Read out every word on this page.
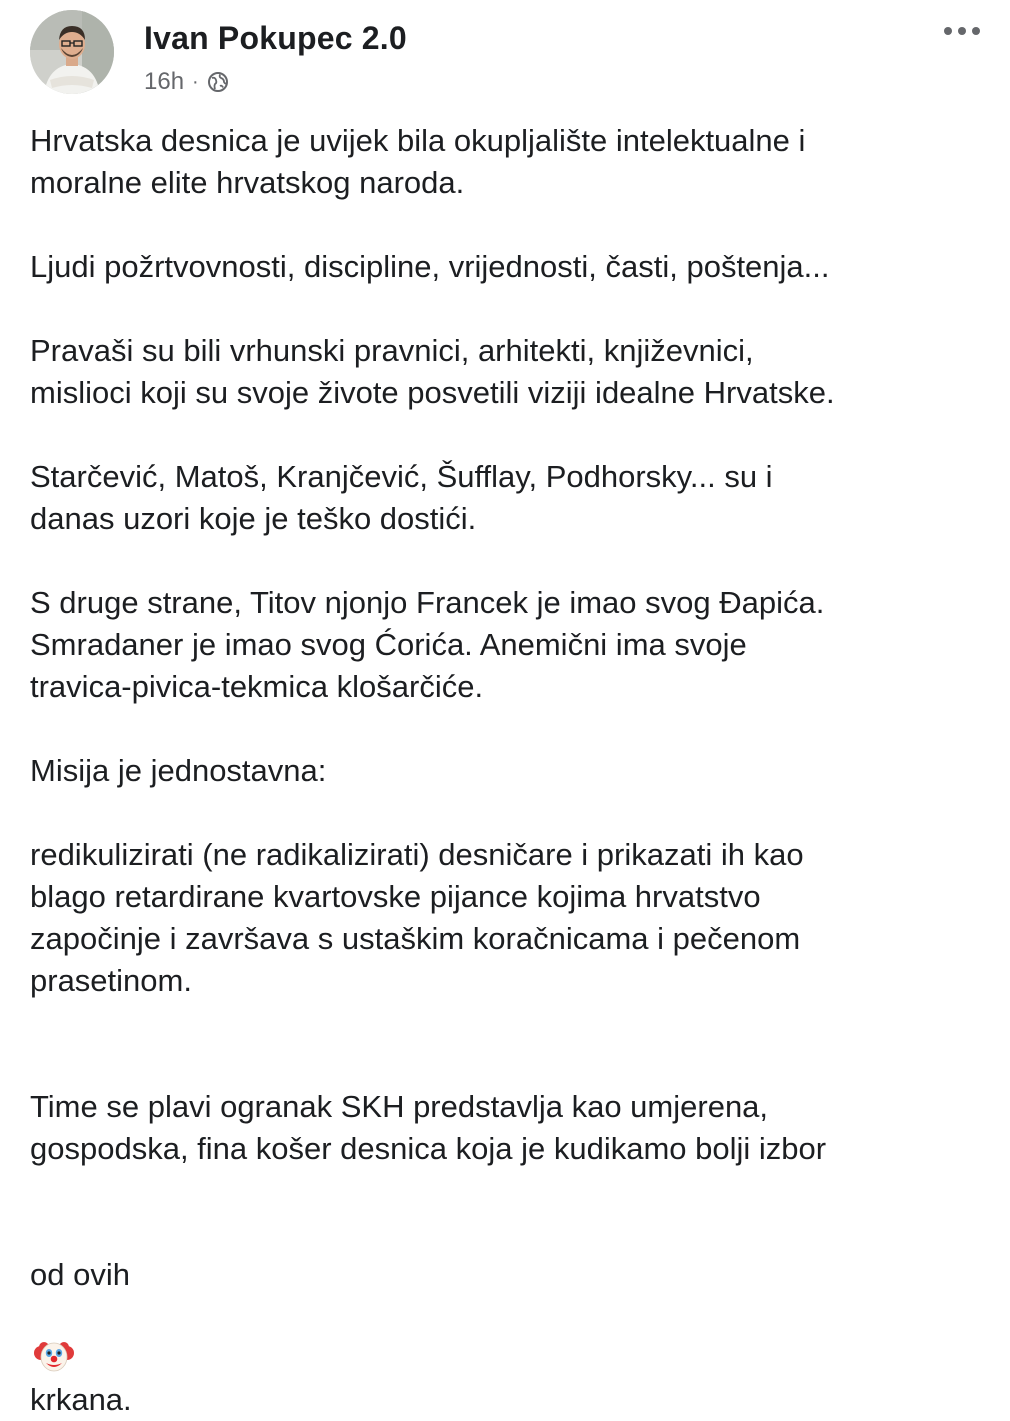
Ivan Pokupec 2.0
16h ·

Hrvatska desnica je uvijek bila okupljalište intelektualne i
moralne elite hrvatskog naroda.

Ljudi požrtvovnosti, discipline, vrijednosti, časti, poštenja...

Pravaši su bili vrhunski pravnici, arhitekti, književnici,
mislioci koji su svoje živote posvetili viziji idealne Hrvatske.

Starčević, Matoš, Kranjčević, Šufflay, Podhorsky... su i
danas uzori koje je teško dostići.

S druge strane, Titov njonjo Francek je imao svog Đapića.
Smradaner je imao svog Ćorića. Anemični ima svoje
travica-pivica-tekmica klošarčiće.

Misija je jednostavna:

redikulizirati (ne radikalizirati) desničare i prikazati ih kao
blago retardirane kvartovske pijance kojima hrvatstvo
započinje i završava s ustaškim koračnicama i pečenom
prasetinom.

Time se plavi ogranak SKH predstavlja kao umjerena,
gospodska, fina košer desnica koja je kudikamo bolji izbor

od ovih

krkana.
